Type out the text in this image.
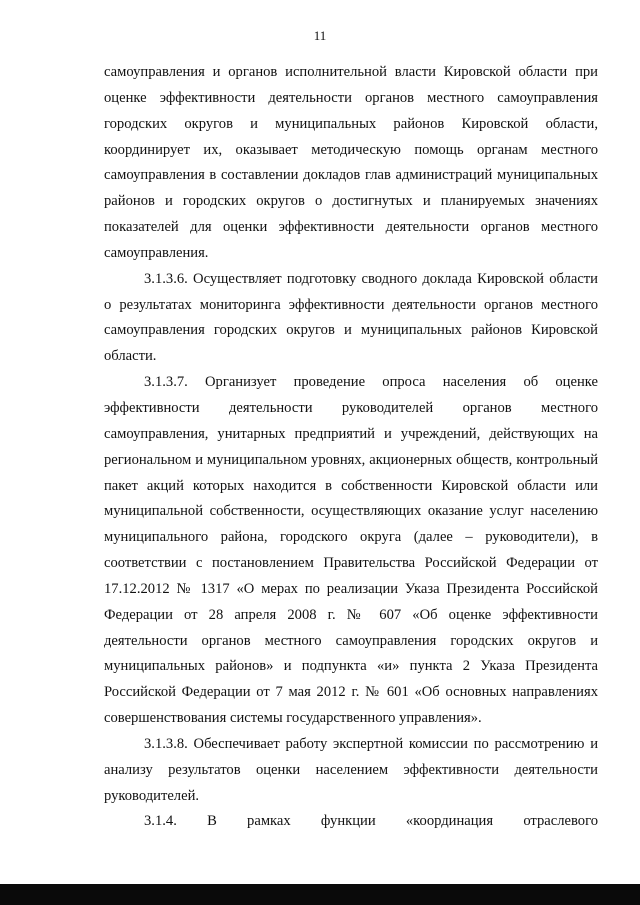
11

самоуправления и органов исполнительной власти Кировской области при оценке эффективности деятельности органов местного самоуправления городских округов и муниципальных районов Кировской области, координирует их, оказывает методическую помощь органам местного самоуправления в составлении докладов глав администраций муниципальных районов и городских округов о достигнутых и планируемых значениях показателей для оценки эффективности деятельности органов местного самоуправления.

3.1.3.6. Осуществляет подготовку сводного доклада Кировской области о результатах мониторинга эффективности деятельности органов местного самоуправления городских округов и муниципальных районов Кировской области.

3.1.3.7. Организует проведение опроса населения об оценке эффективности деятельности руководителей органов местного самоуправления, унитарных предприятий и учреждений, действующих на региональном и муниципальном уровнях, акционерных обществ, контрольный пакет акций которых находится в собственности Кировской области или муниципальной собственности, осуществляющих оказание услуг населению муниципального района, городского округа (далее – руководители), в соответствии с постановлением Правительства Российской Федерации от 17.12.2012 № 1317 «О мерах по реализации Указа Президента Российской Федерации от 28 апреля 2008 г. № 607 «Об оценке эффективности деятельности органов местного самоуправления городских округов и муниципальных районов» и подпункта «и» пункта 2 Указа Президента Российской Федерации от 7 мая 2012 г. № 601 «Об основных направлениях совершенствования системы государственного управления».

3.1.3.8. Обеспечивает работу экспертной комиссии по рассмотрению и анализу результатов оценки населением эффективности деятельности руководителей.

3.1.4. В рамках функции «координация отраслевого
